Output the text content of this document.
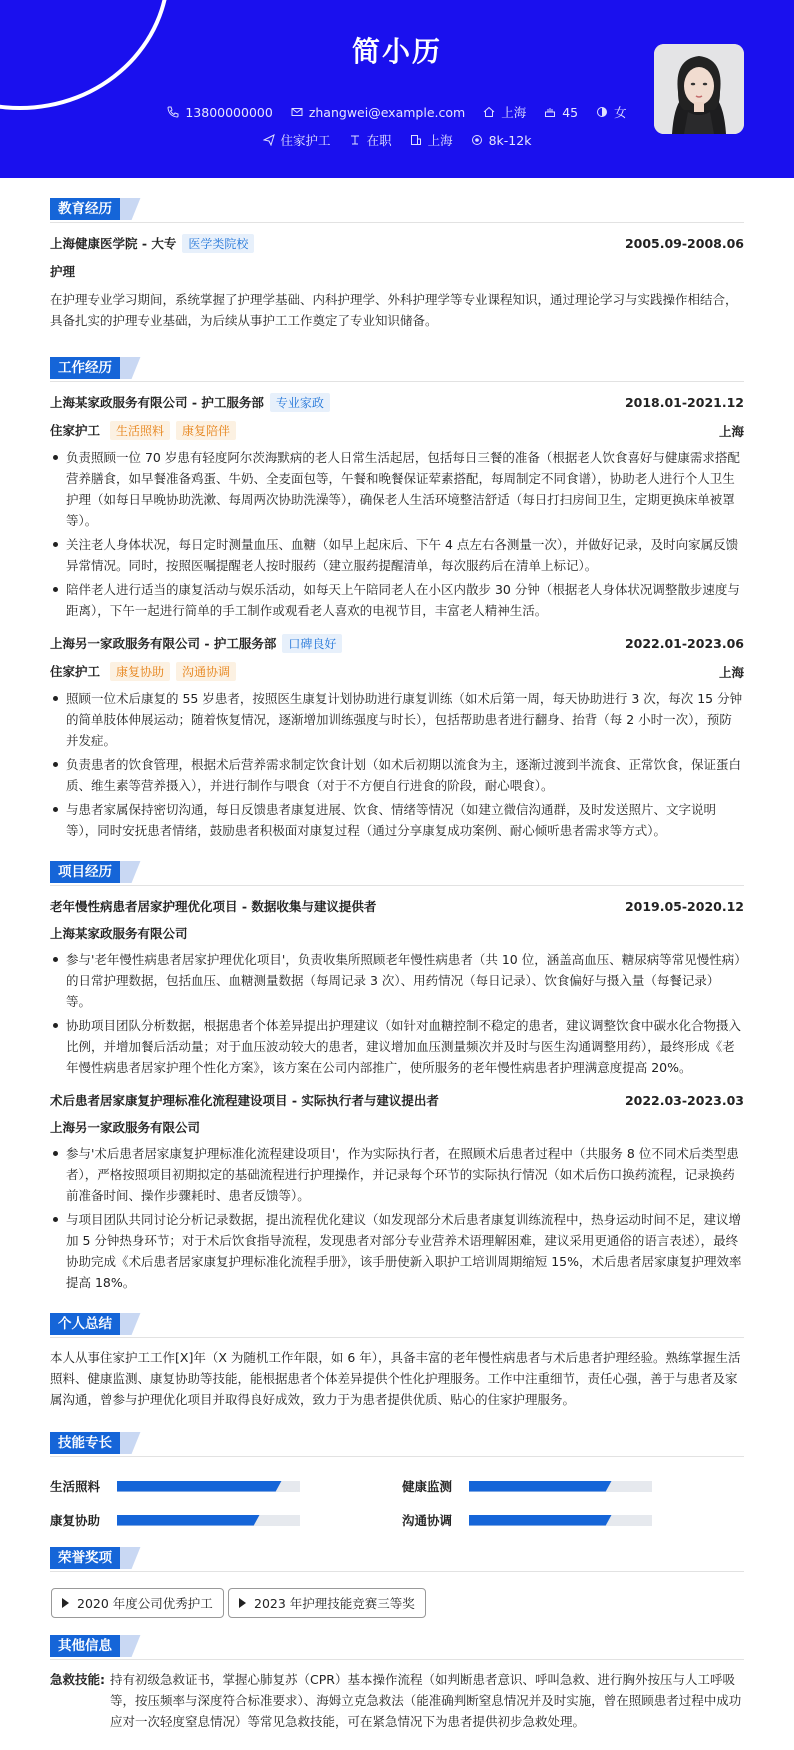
简小历
13800000000	zhangwei@example.com	上海	45	女
住家护工	在职	上海	8k-12k
教育经历
上海健康医学院 - 大专 医学类院校	2005.09-2008.06
护理

在护理专业学习期间，系统掌握了护理学基础、内科护理学、外科护理学等专业课程知识，通过理论学习与实践操作相结合，具备扎实的护理专业基础，为后续从事护工工作奠定了专业知识储备。

工作经历
上海某家政服务有限公司 - 护工服务部 专业家政	2018.01-2021.12
住家护工 生活照料 康复陪伴	上海
负责照顾一位 70 岁患有轻度阿尔茨海默病的老人日常生活起居，包括每日三餐的准备（根据老人饮食喜好与健康需求搭配营养膳食，如早餐准备鸡蛋、牛奶、全麦面包等，午餐和晚餐保证荤素搭配，每周制定不同食谱），协助老人进行个人卫生护理（如每日早晚协助洗漱、每周两次协助洗澡等），确保老人生活环境整洁舒适（每日打扫房间卫生，定期更换床单被罩等）。
关注老人身体状况，每日定时测量血压、血糖（如早上起床后、下午 4 点左右各测量一次），并做好记录，及时向家属反馈异常情况。同时，按照医嘱提醒老人按时服药（建立服药提醒清单，每次服药后在清单上标记）。
陪伴老人进行适当的康复活动与娱乐活动，如每天上午陪同老人在小区内散步 30 分钟（根据老人身体状况调整散步速度与距离），下午一起进行简单的手工制作或观看老人喜欢的电视节目，丰富老人精神生活。
上海另一家政服务有限公司 - 护工服务部 口碑良好	2022.01-2023.06
住家护工 康复协助 沟通协调	上海
照顾一位术后康复的 55 岁患者，按照医生康复计划协助进行康复训练（如术后第一周，每天协助进行 3 次，每次 15 分钟的简单肢体伸展运动；随着恢复情况，逐渐增加训练强度与时长），包括帮助患者进行翻身、抬背（每 2 小时一次），预防并发症。
负责患者的饮食管理，根据术后营养需求制定饮食计划（如术后初期以流食为主，逐渐过渡到半流食、正常饮食，保证蛋白质、维生素等营养摄入），并进行制作与喂食（对于不方便自行进食的阶段，耐心喂食）。
与患者家属保持密切沟通，每日反馈患者康复进展、饮食、情绪等情况（如建立微信沟通群，及时发送照片、文字说明等），同时安抚患者情绪，鼓励患者积极面对康复过程（通过分享康复成功案例、耐心倾听患者需求等方式）。
项目经历
老年慢性病患者居家护理优化项目 - 数据收集与建议提供者	2019.05-2020.12
上海某家政服务有限公司
参与'老年慢性病患者居家护理优化项目'，负责收集所照顾老年慢性病患者（共 10 位，涵盖高血压、糖尿病等常见慢性病）的日常护理数据，包括血压、血糖测量数据（每周记录 3 次）、用药情况（每日记录）、饮食偏好与摄入量（每餐记录）等。
协助项目团队分析数据，根据患者个体差异提出护理建议（如针对血糖控制不稳定的患者，建议调整饮食中碳水化合物摄入比例，并增加餐后活动量；对于血压波动较大的患者，建议增加血压测量频次并及时与医生沟通调整用药），最终形成《老年慢性病患者居家护理个性化方案》，该方案在公司内部推广，使所服务的老年慢性病患者护理满意度提高 20%。
术后患者居家康复护理标准化流程建设项目 - 实际执行者与建议提出者	2022.03-2023.03
上海另一家政服务有限公司
参与'术后患者居家康复护理标准化流程建设项目'，作为实际执行者，在照顾术后患者过程中（共服务 8 位不同术后类型患者），严格按照项目初期拟定的基础流程进行护理操作，并记录每个环节的实际执行情况（如术后伤口换药流程，记录换药前准备时间、操作步骤耗时、患者反馈等）。
与项目团队共同讨论分析记录数据，提出流程优化建议（如发现部分术后患者康复训练流程中，热身运动时间不足，建议增加 5 分钟热身环节；对于术后饮食指导流程，发现患者对部分专业营养术语理解困难，建议采用更通俗的语言表述），最终协助完成《术后患者居家康复护理标准化流程手册》，该手册使新入职护工培训周期缩短 15%，术后患者居家康复护理效率提高 18%。
个人总结

本人从事住家护工工作[X]年（X 为随机工作年限，如 6 年），具备丰富的老年慢性病患者与术后患者护理经验。熟练掌握生活照料、健康监测、康复协助等技能，能根据患者个体差异提供个性化护理服务。工作中注重细节，责任心强，善于与患者及家属沟通，曾参与护理优化项目并取得良好成效，致力于为患者提供优质、贴心的住家护理服务。

技能专长
生活照料	健康监测
康复协助	沟通协调
荣誉奖项
2020 年度公司优秀护工	2023 年护理技能竞赛三等奖
其他信息
急救技能: 持有初级急救证书，掌握心肺复苏（CPR）基本操作流程（如判断患者意识、呼叫急救、进行胸外按压与人工呼吸等，按压频率与深度符合标准要求）、海姆立克急救法（能准确判断窒息情况并及时实施，曾在照顾患者过程中成功应对一次轻度窒息情况）等常见急救技能，可在紧急情况下为患者提供初步急救处理。
